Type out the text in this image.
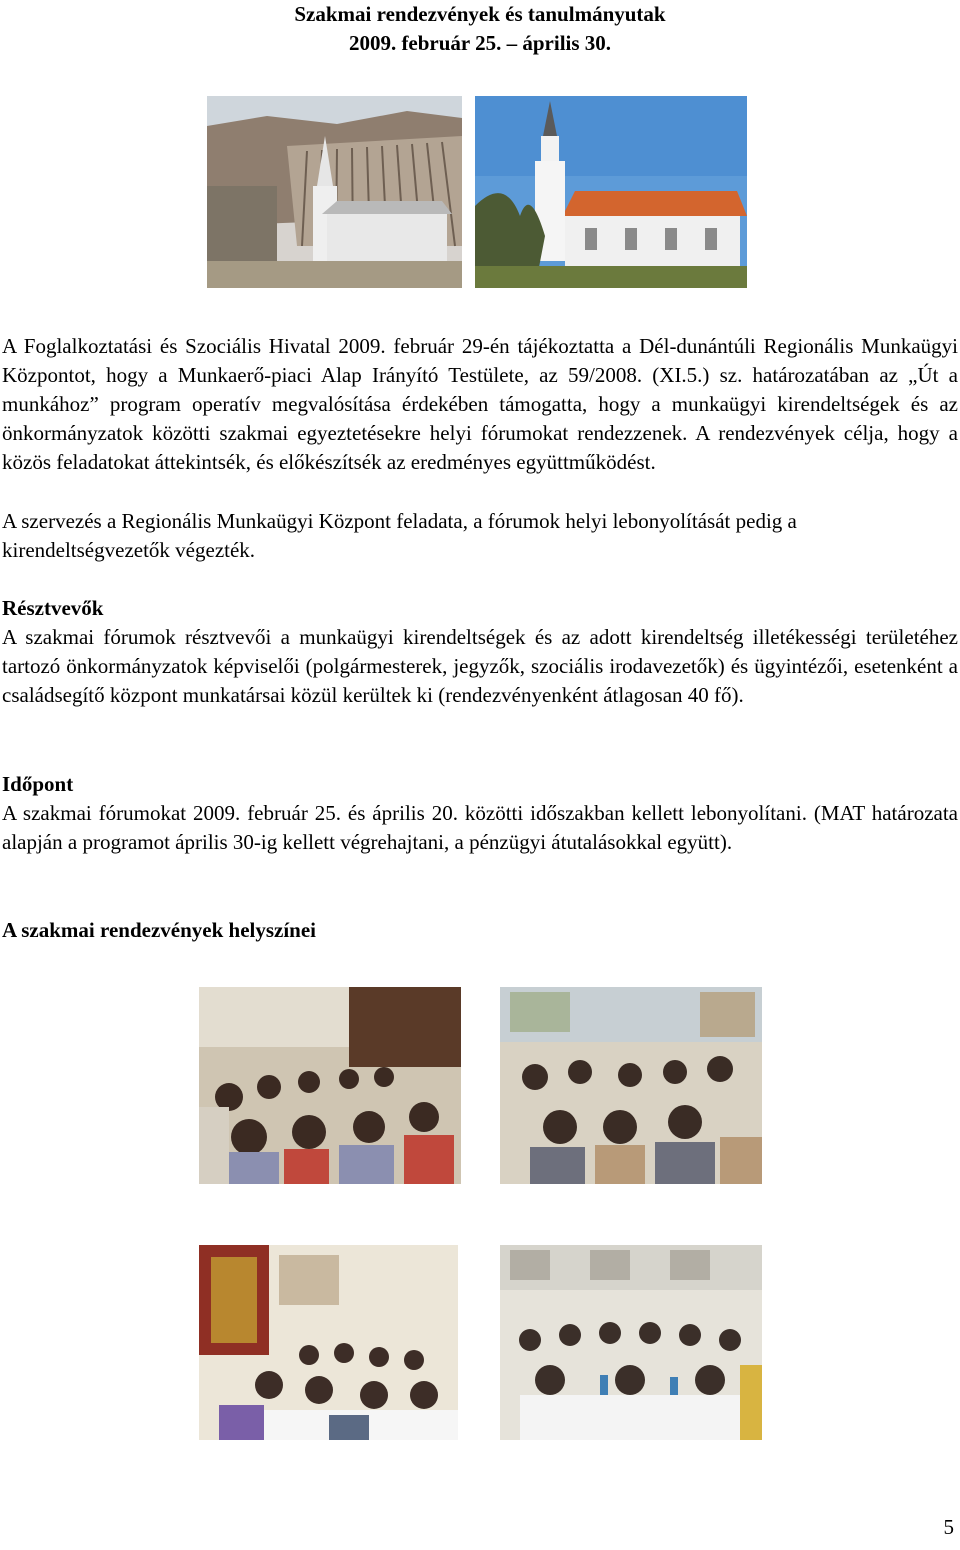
Szakmai rendezvények és tanulmányutak
2009. február 25. – április 30.

A Foglalkoztatási és Szociális Hivatal 2009. február 29-én tájékoztatta a Dél-dunántúli Regionális Munkaügyi Központot, hogy a Munkaerő-piaci Alap Irányító Testülete, az 59/2008. (XI.5.) sz. határozatában az „Út a munkához” program operatív megvalósítása érdekében támogatta, hogy a munkaügyi kirendeltségek és az önkormányzatok közötti szakmai egyeztetésekre helyi fórumokat rendezzenek. A rendezvények célja, hogy a közös feladatokat áttekintsék, és előkészítsék az eredményes együttműködést.

A szervezés a Regionális Munkaügyi Központ feladata, a fórumok helyi lebonyolítását pedig a kirendeltségvezetők végezték.

Résztvevők

A szakmai fórumok résztvevői a munkaügyi kirendeltségek és az adott kirendeltség illetékességi területéhez tartozó önkormányzatok képviselői (polgármesterek, jegyzők, szociális irodavezetők) és ügyintézői, esetenként a családsegítő központ munkatársai közül kerültek ki (rendezvényenként átlagosan 40 fő).

Időpont

A szakmai fórumokat 2009. február 25. és április 20. közötti időszakban kellett lebonyolítani. (MAT határozata alapján a programot április 30-ig kellett végrehajtani, a pénzügyi átutalásokkal együtt).

A szakmai rendezvények helyszínei

5
